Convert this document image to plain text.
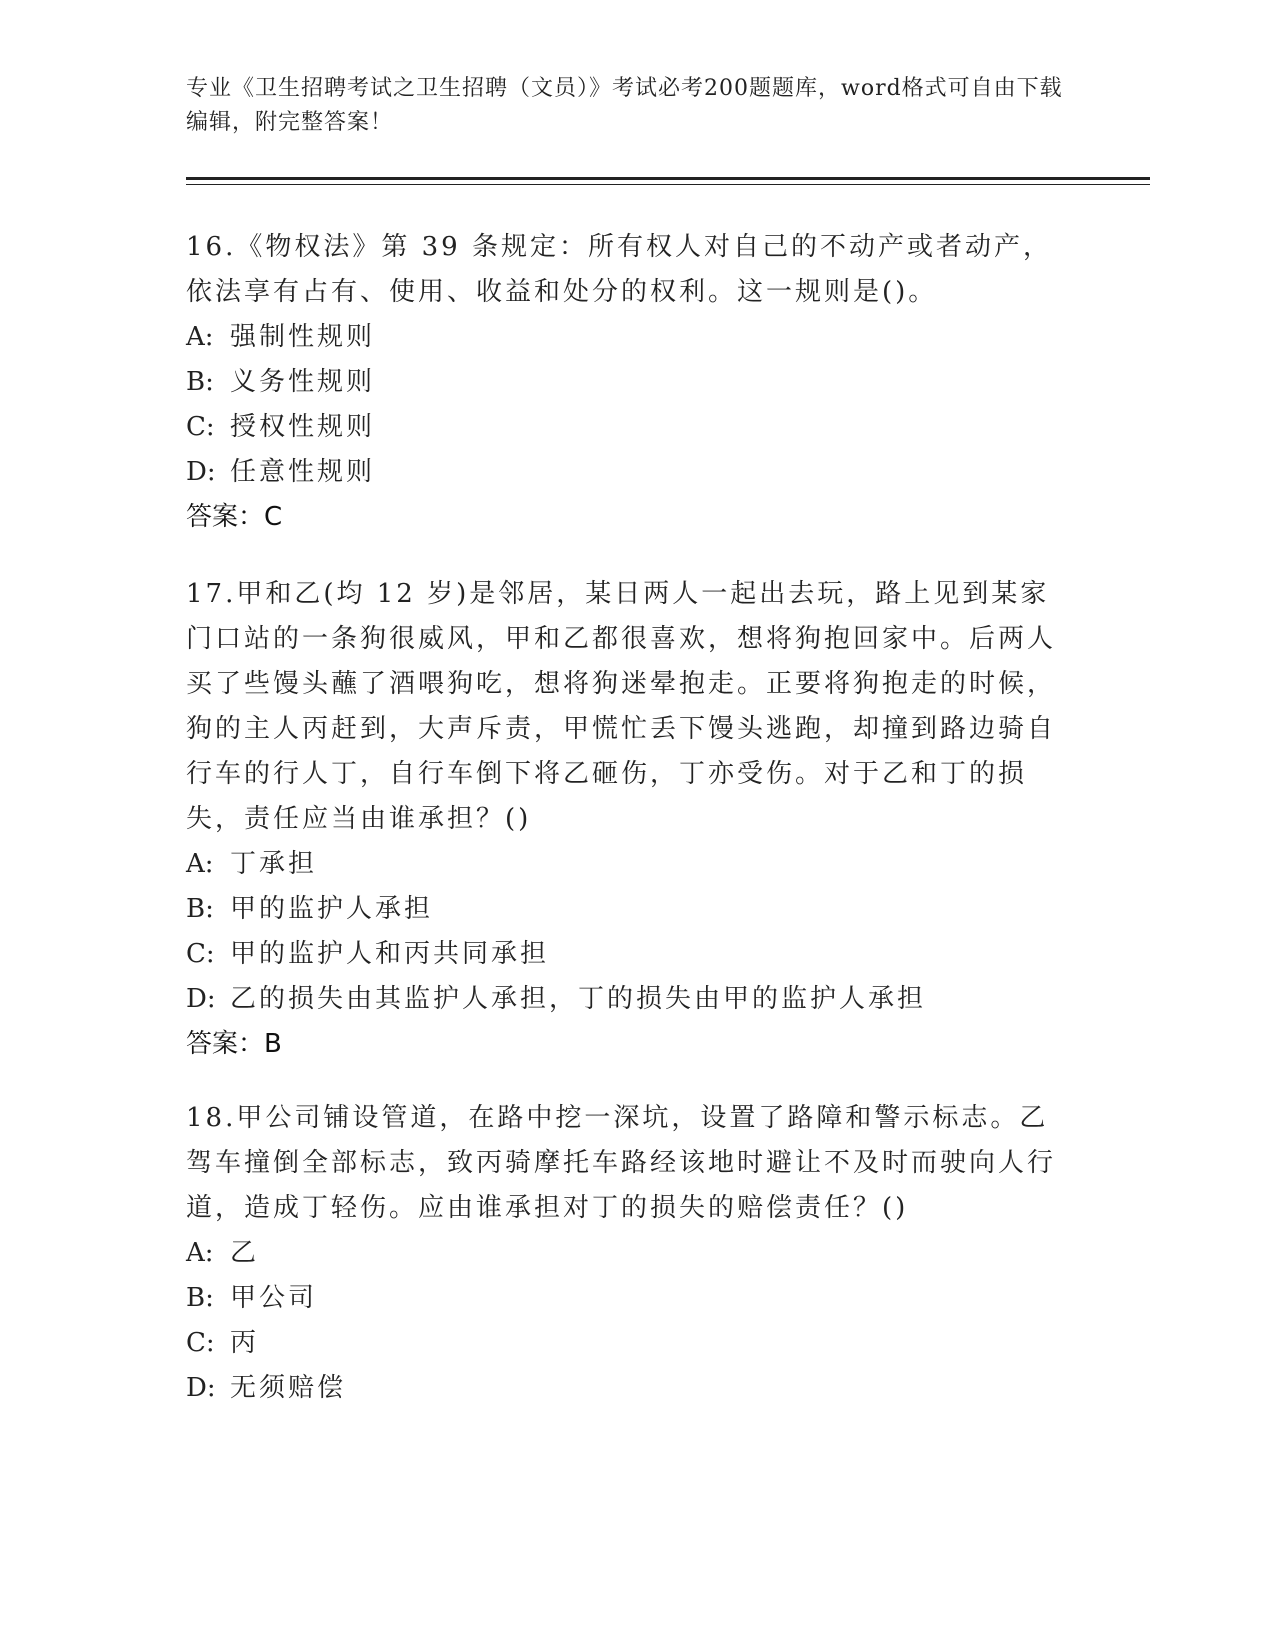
专业《卫生招聘考试之卫生招聘（文员）》考试必考200题题库，word格式可自由下载编辑，附完整答案！

16.《物权法》第 39 条规定：所有权人对自己的不动产或者动产，依法享有占有、使用、收益和处分的权利。这一规则是()。

A: 强制性规则

B: 义务性规则

C: 授权性规则

D: 任意性规则

答案：C

17.甲和乙(均 12 岁)是邻居，某日两人一起出去玩，路上见到某家门口站的一条狗很威风，甲和乙都很喜欢，想将狗抱回家中。后两人买了些馒头蘸了酒喂狗吃，想将狗迷晕抱走。正要将狗抱走的时候，狗的主人丙赶到，大声斥责，甲慌忙丢下馒头逃跑，却撞到路边骑自行车的行人丁，自行车倒下将乙砸伤，丁亦受伤。对于乙和丁的损失，责任应当由谁承担？()

A: 丁承担

B: 甲的监护人承担

C: 甲的监护人和丙共同承担

D: 乙的损失由其监护人承担，丁的损失由甲的监护人承担

答案：B

18.甲公司铺设管道，在路中挖一深坑，设置了路障和警示标志。乙驾车撞倒全部标志，致丙骑摩托车路经该地时避让不及时而驶向人行道，造成丁轻伤。应由谁承担对丁的损失的赔偿责任？()

A: 乙

B: 甲公司

C: 丙

D: 无须赔偿
